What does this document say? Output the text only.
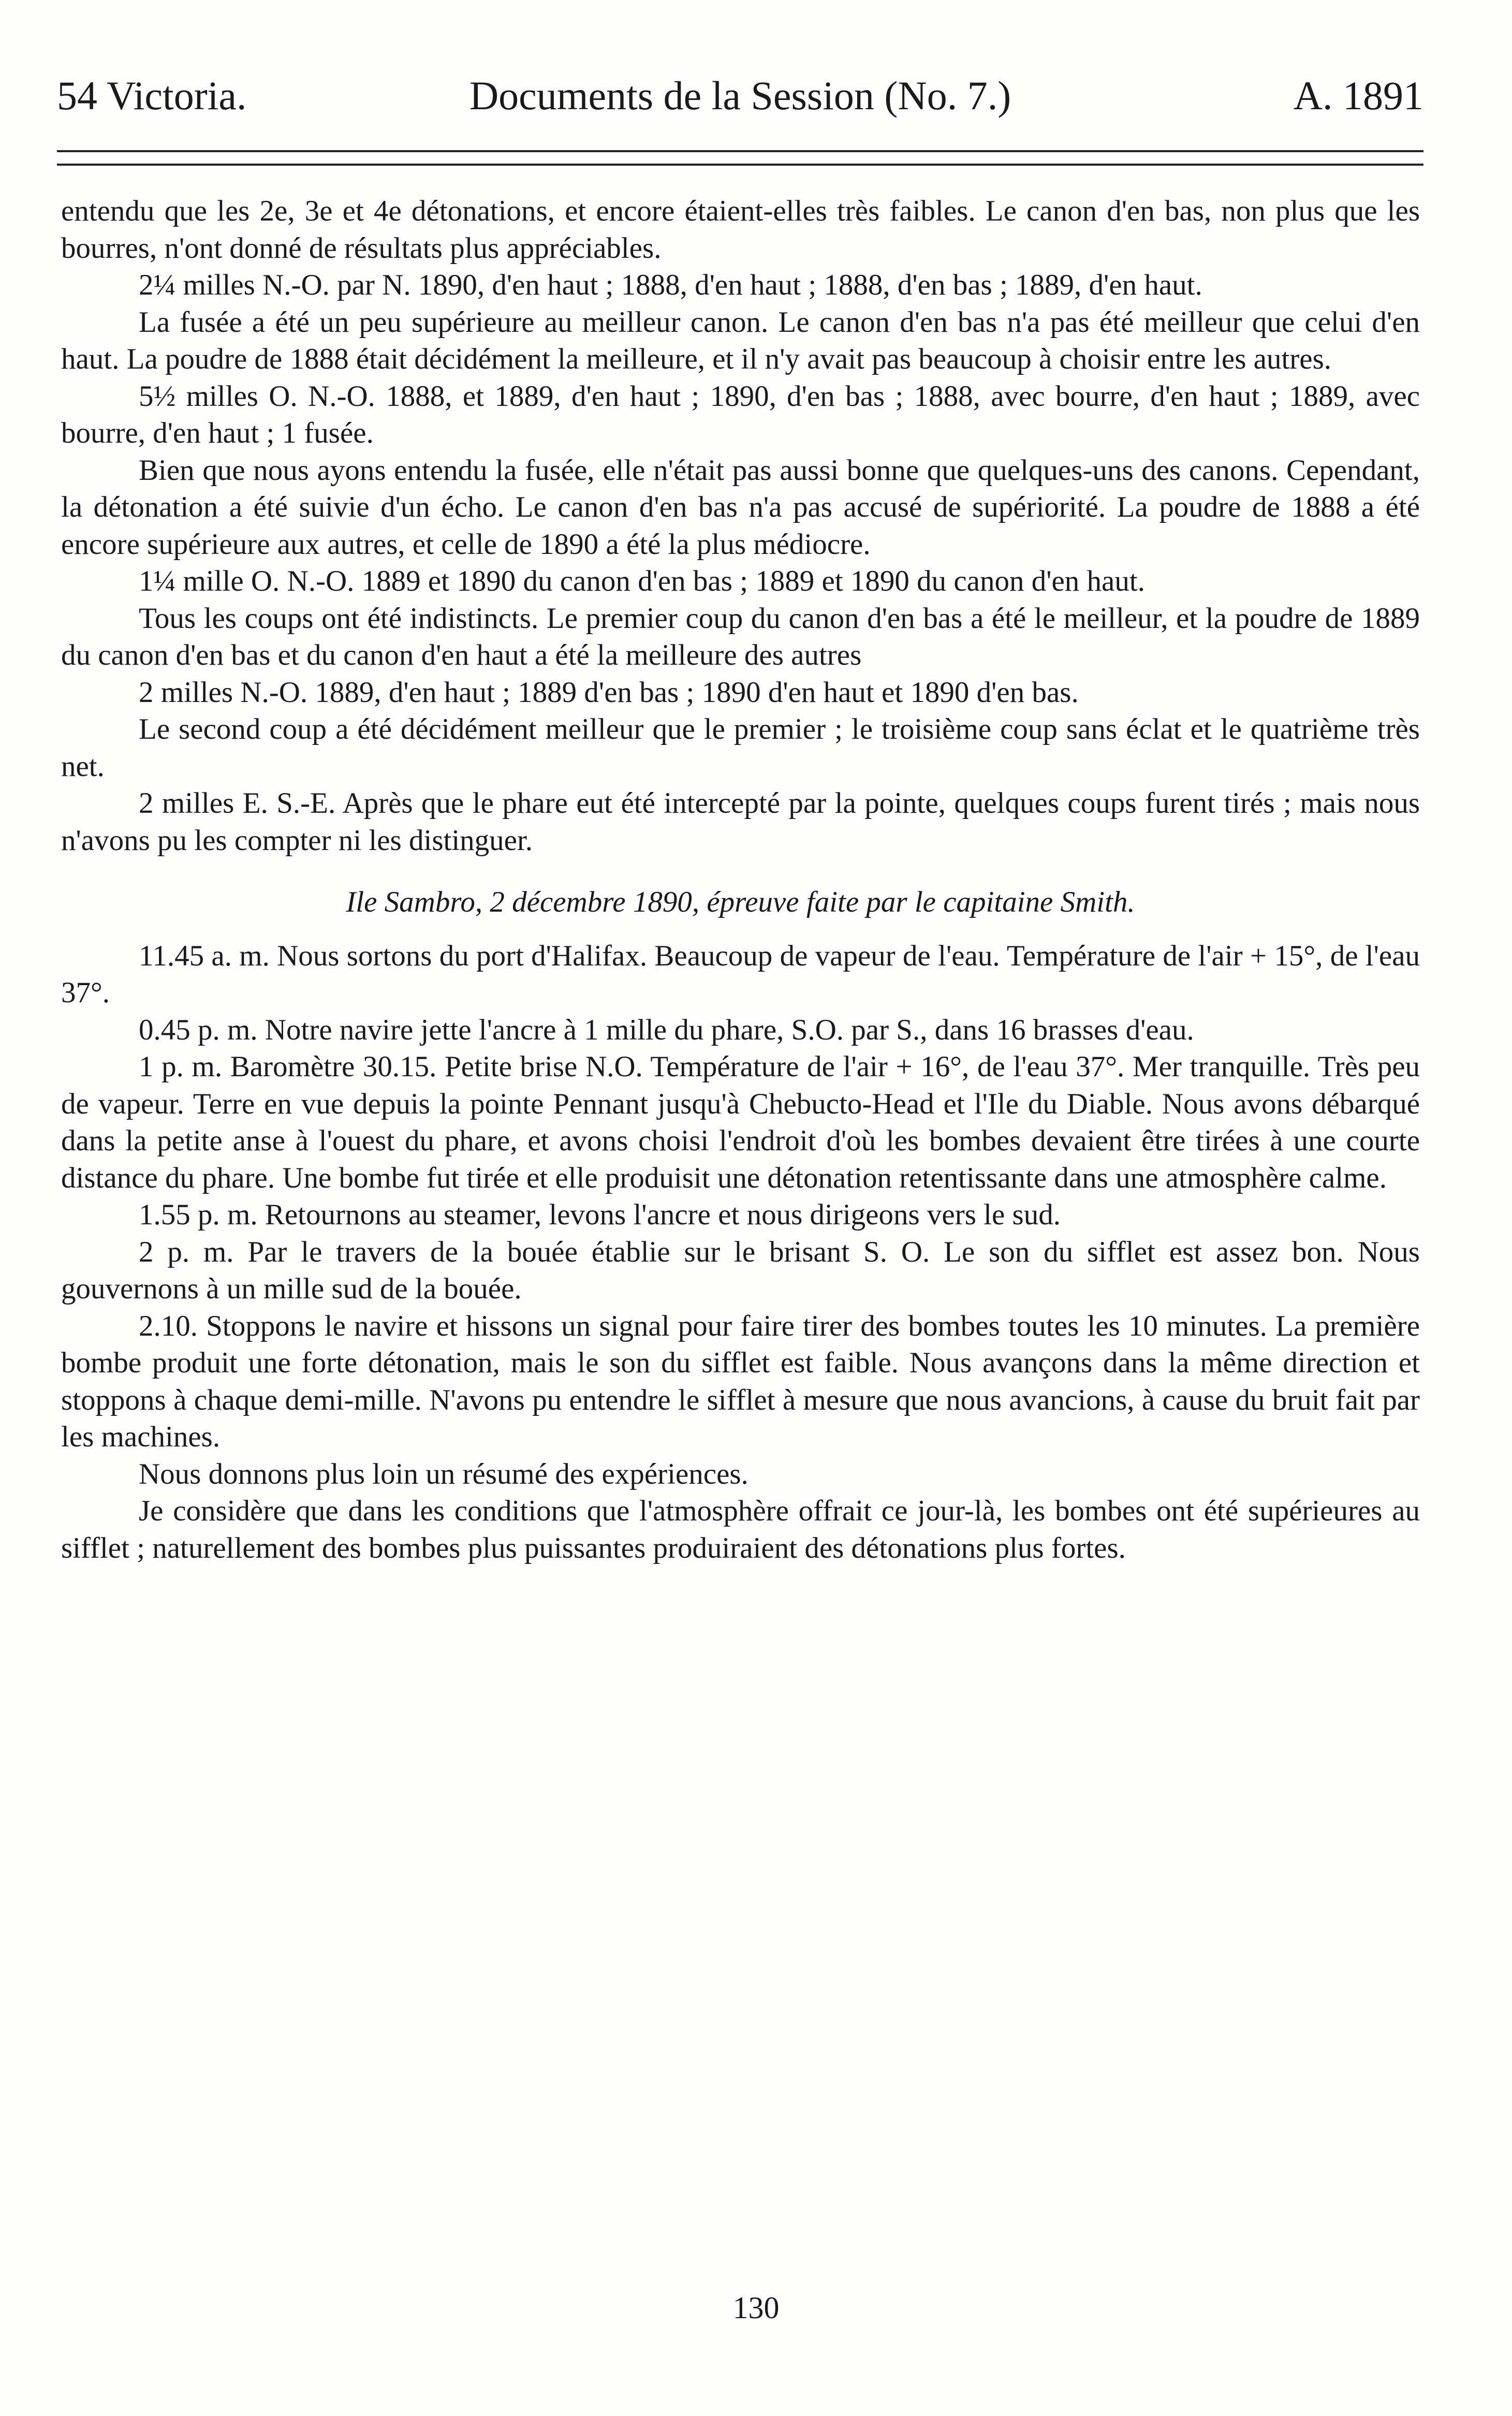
54 Victoria.	Documents de la Session (No. 7.)	A. 1891

entendu que les 2e, 3e et 4e détonations, et encore étaient-elles très faibles. Le canon d'en bas, non plus que les bourres, n'ont donné de résultats plus appréciables.

2¼ milles N.-O. par N. 1890, d'en haut ; 1888, d'en haut ; 1888, d'en bas ; 1889, d'en haut.

La fusée a été un peu supérieure au meilleur canon. Le canon d'en bas n'a pas été meilleur que celui d'en haut. La poudre de 1888 était décidément la meilleure, et il n'y avait pas beaucoup à choisir entre les autres.

5½ milles O. N.-O. 1888, et 1889, d'en haut ; 1890, d'en bas ; 1888, avec bourre, d'en haut ; 1889, avec bourre, d'en haut ; 1 fusée.

Bien que nous ayons entendu la fusée, elle n'était pas aussi bonne que quelques-uns des canons. Cependant, la détonation a été suivie d'un écho. Le canon d'en bas n'a pas accusé de supériorité. La poudre de 1888 a été encore supérieure aux autres, et celle de 1890 a été la plus médiocre.

1¼ mille O. N.-O. 1889 et 1890 du canon d'en bas ; 1889 et 1890 du canon d'en haut.

Tous les coups ont été indistincts. Le premier coup du canon d'en bas a été le meilleur, et la poudre de 1889 du canon d'en bas et du canon d'en haut a été la meilleure des autres

2 milles N.-O. 1889, d'en haut ; 1889 d'en bas ; 1890 d'en haut et 1890 d'en bas.

Le second coup a été décidément meilleur que le premier ; le troisième coup sans éclat et le quatrième très net.

2 milles E. S.-E. Après que le phare eut été intercepté par la pointe, quelques coups furent tirés ; mais nous n'avons pu les compter ni les distinguer.

Ile Sambro, 2 décembre 1890, épreuve faite par le capitaine Smith.

11.45 a. m. Nous sortons du port d'Halifax. Beaucoup de vapeur de l'eau. Température de l'air + 15°, de l'eau 37°.

0.45 p. m. Notre navire jette l'ancre à 1 mille du phare, S.O. par S., dans 16 brasses d'eau.

1 p. m. Baromètre 30.15. Petite brise N.O. Température de l'air + 16°, de l'eau 37°. Mer tranquille. Très peu de vapeur. Terre en vue depuis la pointe Pennant jusqu'à Chebucto-Head et l'Ile du Diable. Nous avons débarqué dans la petite anse à l'ouest du phare, et avons choisi l'endroit d'où les bombes devaient être tirées à une courte distance du phare. Une bombe fut tirée et elle produisit une détonation retentissante dans une atmosphère calme.

1.55 p. m. Retournons au steamer, levons l'ancre et nous dirigeons vers le sud.

2 p. m. Par le travers de la bouée établie sur le brisant S. O. Le son du sifflet est assez bon. Nous gouvernons à un mille sud de la bouée.

2.10. Stoppons le navire et hissons un signal pour faire tirer des bombes toutes les 10 minutes. La première bombe produit une forte détonation, mais le son du sifflet est faible. Nous avançons dans la même direction et stoppons à chaque demi-mille. N'avons pu entendre le sifflet à mesure que nous avancions, à cause du bruit fait par les machines.

Nous donnons plus loin un résumé des expériences.

Je considère que dans les conditions que l'atmosphère offrait ce jour-là, les bombes ont été supérieures au sifflet ; naturellement des bombes plus puissantes produiraient des détonations plus fortes.

130
